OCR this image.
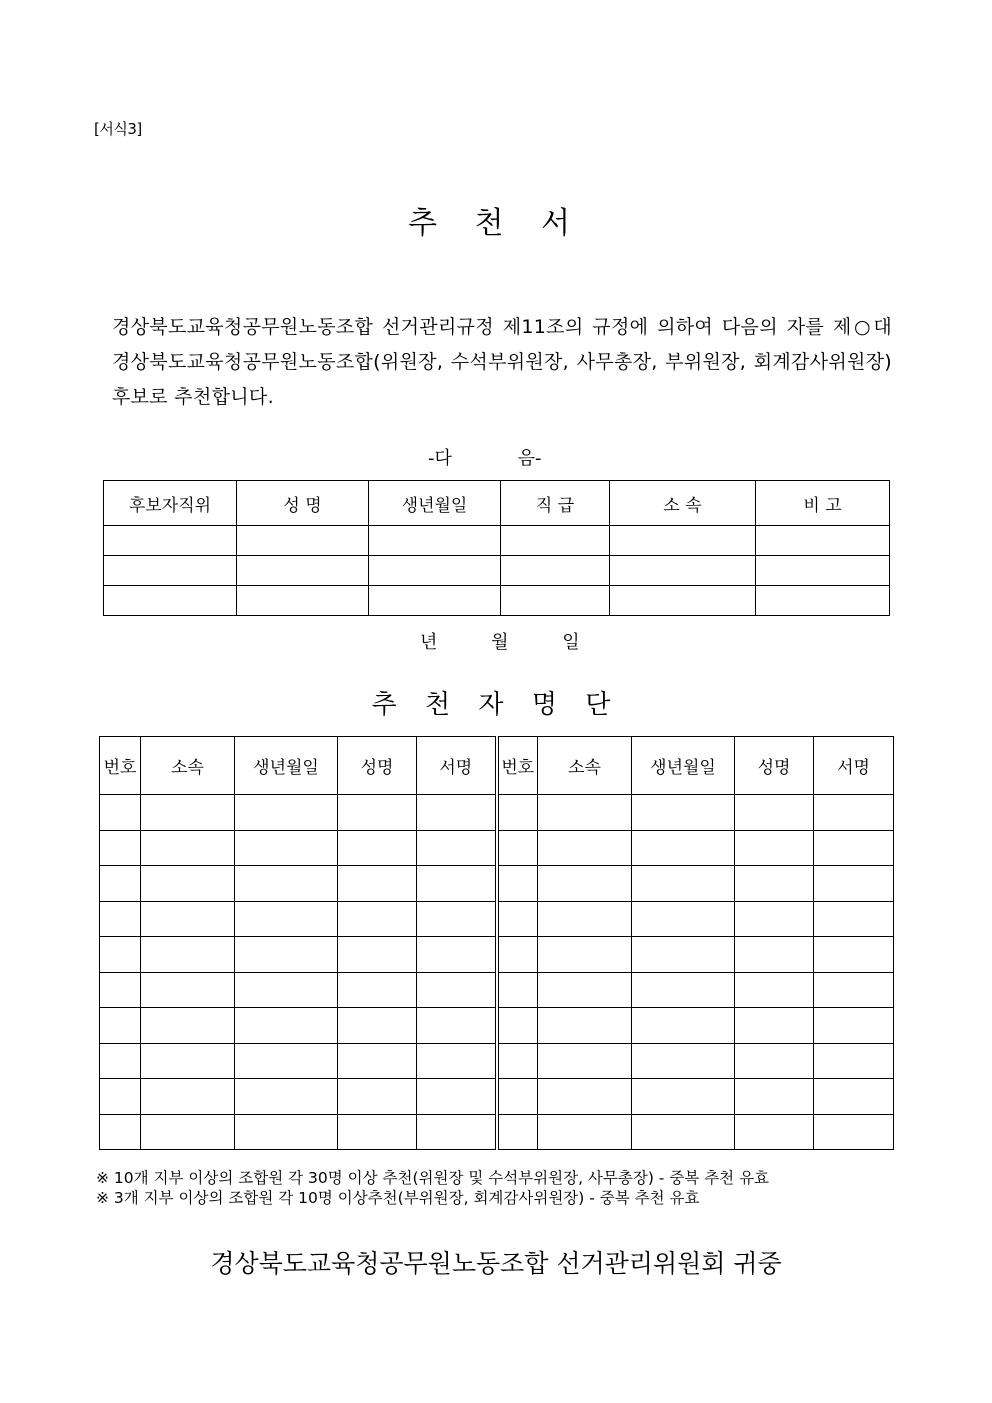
[서식3]
추 천 서
경상북도교육청공무원노동조합 선거관리규정 제11조의 규정에 의하여 다음의 자를 제○대 경상북도교육청공무원노동조합(위원장, 수석부위원장, 사무총장, 부위원장, 회계감사위원장) 후보로 추천합니다.
-다 음-
후보자직위	성 명	생년월일	직 급	소 속	비 고

년 월 일
추 천 자 명 단
번호	소속	생년월일	성명	서명	번호	소속	생년월일	성명	서명

※ 10개 지부 이상의 조합원 각 30명 이상 추천(위원장 및 수석부위원장, 사무총장) - 중복 추천 유효
※ 3개 지부 이상의 조합원 각 10명 이상추천(부위원장, 회계감사위원장) - 중복 추천 유효
경상북도교육청공무원노동조합 선거관리위원회 귀중
